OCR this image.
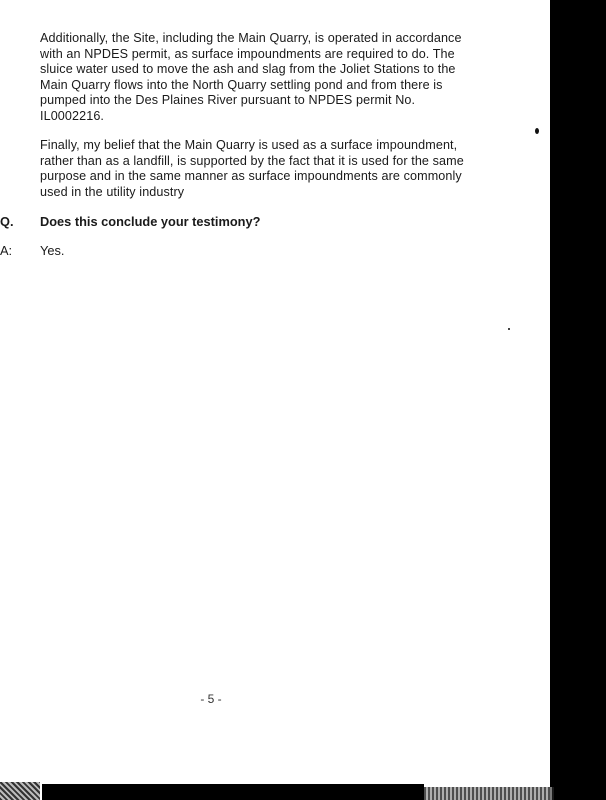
Additionally, the Site, including the Main Quarry, is operated in accordance with an NPDES permit, as surface impoundments are required to do. The sluice water used to move the ash and slag from the Joliet Stations to the Main Quarry flows into the North Quarry settling pond and from there is pumped into the Des Plaines River pursuant to NPDES permit No. IL0002216.

Finally, my belief that the Main Quarry is used as a surface impoundment, rather than as a landfill, is supported by the fact that it is used for the same purpose and in the same manner as surface impoundments are commonly used in the utility industry

Q.	Does this conclude your testimony?
A:	Yes.
- 5 -
